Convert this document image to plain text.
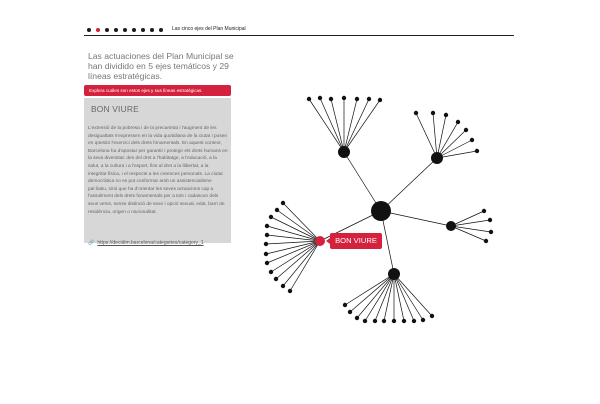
Las cinco ejes del Plan Municipal
Las actuaciones del Plan Municipal se han dividido en 5 ejes temáticos y 29 líneas estratégicas.
Explora cuáles son estos ejes y sus líneas estratégicas.
BON VIURE
L'extensió de la pobresa i de la precarietat i l'augment de les desigualtats s'expressen en la vida quotidiana de la ciutat i posen en qüestió l'exercici dels drets fonamentals. En aquest context, Barcelona ha d'apostar per garantir i protegir els drets humans en la seva diversitat: des del dret a l'habitatge, a l'educació, a la salut, a la cultura i a l'esport, fins al dret a la llibertat, a la integritat física, i el respecte a les creences personals. La ciutat democràtica no es pot conformar amb un assistencialisme pal·liatiu, sinó que ha d'orientar les seves actuacions cap a l'assoliment dels drets fonamentals per a tots i cadascun dels seus veïns, sense distinció de sexe i opció sexual, edat, barri de residència, origen o nacionalitat.
🔗 https://decidim.barcelona/categories/category_1	BON VIURE
